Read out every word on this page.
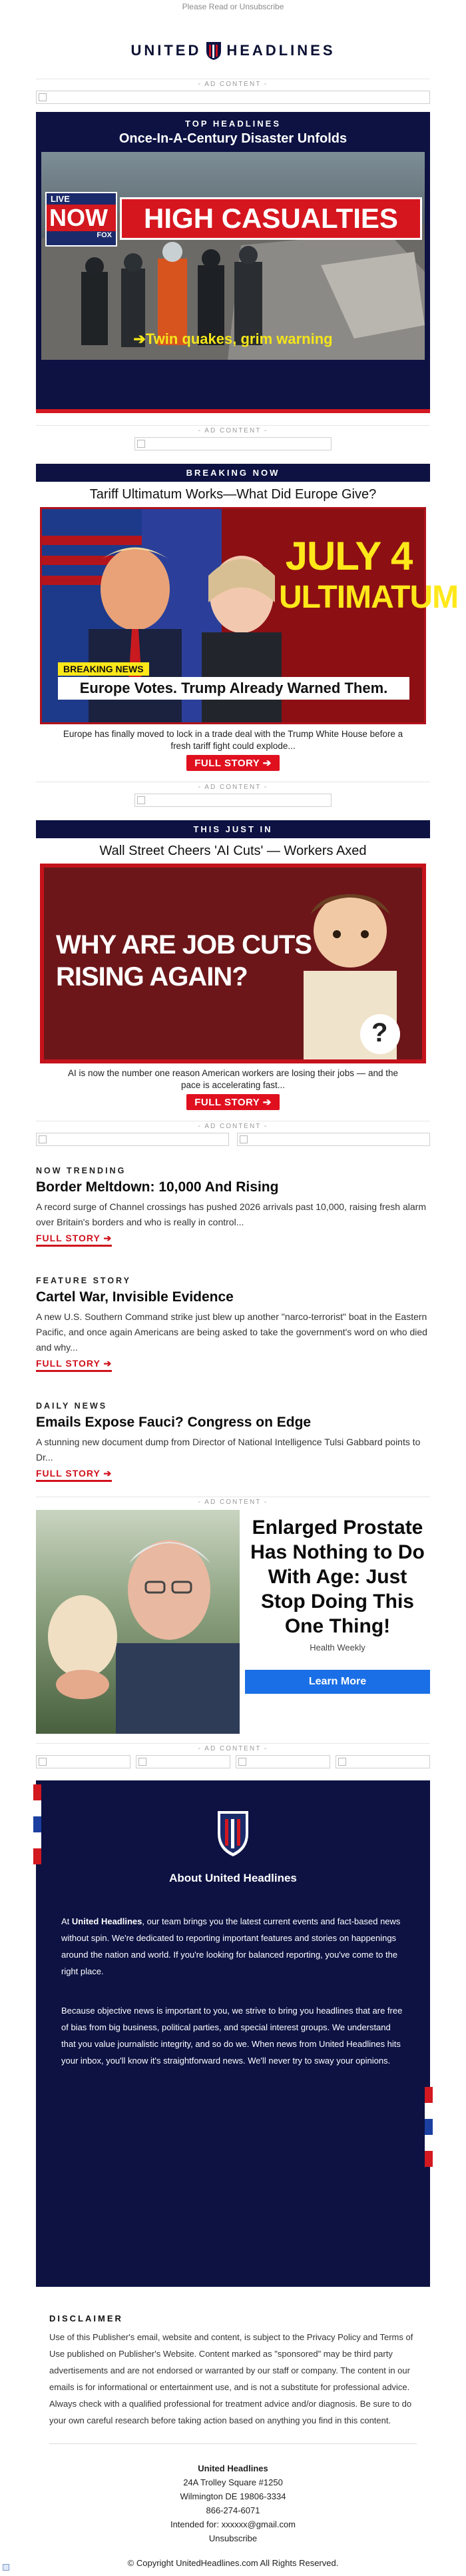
Please Read or Unsubscribe
UNITED HEADLINES
- AD CONTENT -
TOP HEADLINES
Once-In-A-Century Disaster Unfolds
LIVE
NOW
FOX
HIGH CASUALTIES
➔Twin quakes, grim warning
- AD CONTENT -
BREAKING NOW
Tariff Ultimatum Works—What Did Europe Give?
JULY 4
ULTIMATUM
BREAKING NEWS
Europe Votes. Trump Already Warned Them.
Europe has finally moved to lock in a trade deal with the Trump White House before a fresh tariff fight could explode...
FULL STORY ➔
- AD CONTENT -
THIS JUST IN
Wall Street Cheers 'AI Cuts' — Workers Axed
WHY ARE JOB CUTS
RISING AGAIN?
?
AI is now the number one reason American workers are losing their jobs — and the pace is accelerating fast...
FULL STORY ➔
- AD CONTENT -
NOW TRENDING
Border Meltdown: 10,000 And Rising
A record surge of Channel crossings has pushed 2026 arrivals past 10,000, raising fresh alarm over Britain's borders and who is really in control...
FULL STORY ➔
FEATURE STORY
Cartel War, Invisible Evidence
A new U.S. Southern Command strike just blew up another "narco-terrorist" boat in the Eastern Pacific, and once again Americans are being asked to take the government's word on who died and why...
FULL STORY ➔
DAILY NEWS
Emails Expose Fauci? Congress on Edge
A stunning new document dump from Director of National Intelligence Tulsi Gabbard points to Dr...
FULL STORY ➔
- AD CONTENT -
Enlarged Prostate Has Nothing to Do With Age: Just Stop Doing This One Thing!
Health Weekly
Learn More
- AD CONTENT -
About United Headlines

At United Headlines, our team brings you the latest current events and fact-based news without spin. We're dedicated to reporting important features and stories on happenings around the nation and world. If you're looking for balanced reporting, you've come to the right place.

Because objective news is important to you, we strive to bring you headlines that are free of bias from big business, political parties, and special interest groups. We understand that you value journalistic integrity, and so do we. When news from United Headlines hits your inbox, you'll know it's straightforward news. We'll never try to sway your opinions.

DISCLAIMER
Use of this Publisher's email, website and content, is subject to the Privacy Policy and Terms of Use published on Publisher's Website. Content marked as "sponsored" may be third party advertisements and are not endorsed or warranted by our staff or company. The content in our emails is for informational or entertainment use, and is not a substitute for professional advice. Always check with a qualified professional for treatment advice and/or diagnosis. Be sure to do your own careful research before taking action based on anything you find in this content.
United Headlines
24A Trolley Square #1250
Wilmington DE 19806-3334
866-274-6071
Intended for: xxxxxx@gmail.com
Unsubscribe
© Copyright UnitedHeadlines.com All Rights Reserved.
